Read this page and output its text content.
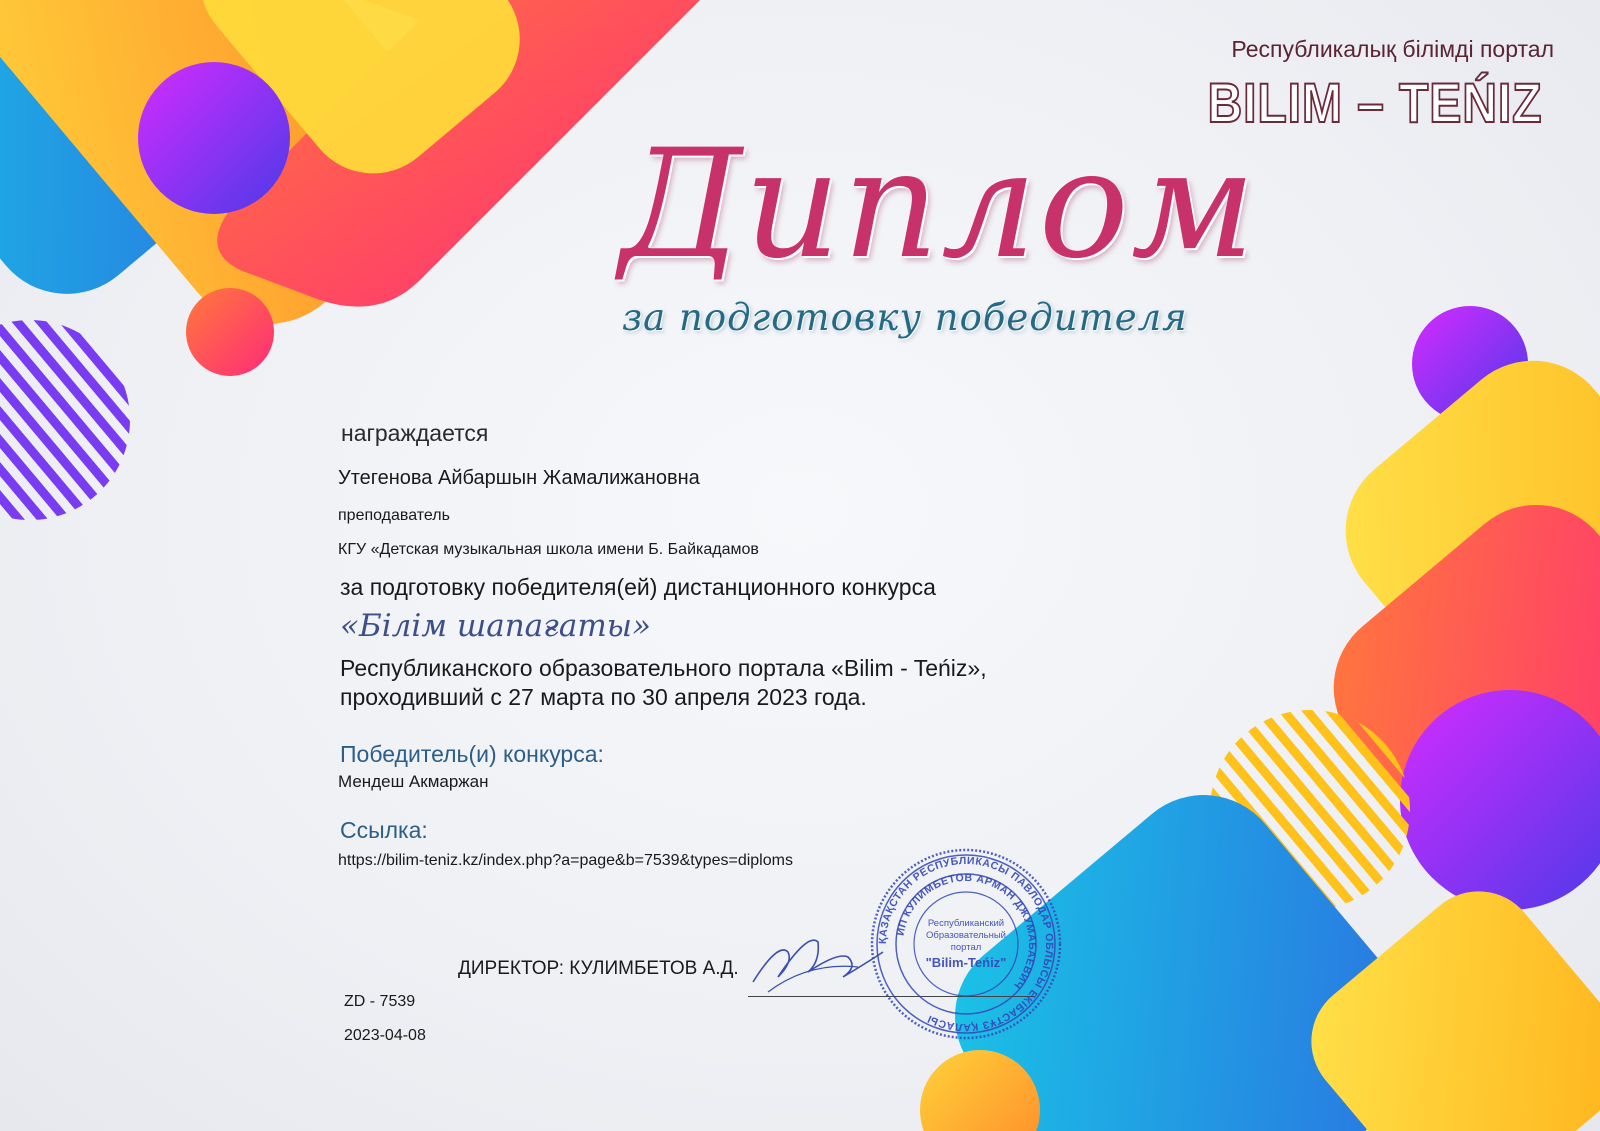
Республикалық білімді портал
BILIM – TEŃIZ
Диплом
за подготовку победителя
награждается
Утегенова Айбаршын Жамалижановна
преподаватель
КГУ «Детская музыкальная школа имени Б. Байкадамов
за подготовку победителя(ей) дистанционного конкурса
«Білім шапағаты»
Республиканского образовательного портала «Bilim - Teńiz»,
проходивший с 27 марта по 30 апреля 2023 года.
Победитель(и) конкурса:
Мендеш Акмаржан
Ссылка:
https://bilim-teniz.kz/index.php?a=page&b=7539&types=diploms
ДИРЕКТОР: КУЛИМБЕТОВ А.Д.
ZD - 7539
2023-04-08
ҚАЗАҚСТАН РЕСПУБЛИКАСЫ ПАВЛОДАР ОБЛЫСЫ ЕКІБАСТҰЗ ҚАЛАСЫ
ИП КУЛИМБЕТОВ АРМАН ДЖУМАБАЕВИЧ
Республиканский
Образовательный
портал
"Bilim-Teńiz"
